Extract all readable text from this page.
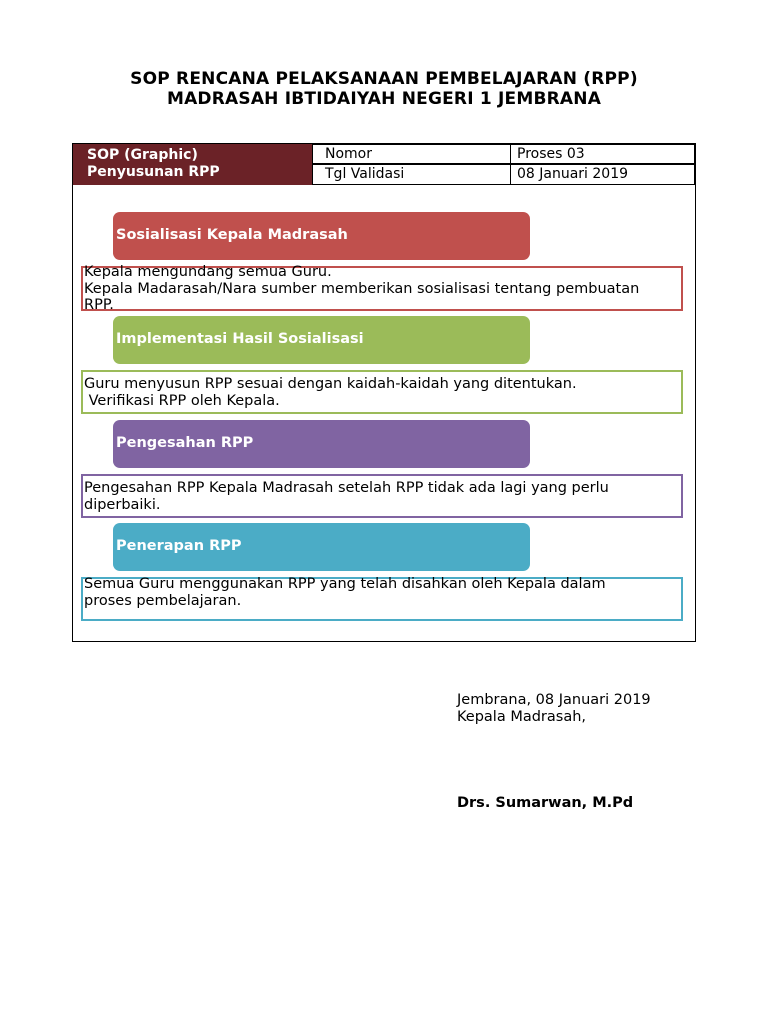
SOP RENCANA PELAKSANAAN PEMBELAJARAN (RPP)
MADRASAH IBTIDAIYAH NEGERI 1 JEMBRANA
SOP (Graphic)
Penyusunan RPP
Nomor	Proses 03
Tgl Validasi	08 Januari 2019
Sosialisasi Kepala Madrasah
Kepala mengundang semua Guru.
Kepala Madarasah/Nara sumber memberikan sosialisasi tentang pembuatan
RPP.
Implementasi Hasil Sosialisasi
Guru menyusun RPP sesuai dengan kaidah-kaidah yang ditentukan.
Verifikasi RPP oleh Kepala.
Pengesahan RPP
Pengesahan RPP Kepala Madrasah setelah RPP tidak ada lagi yang perlu
diperbaiki.
Penerapan RPP
Semua Guru menggunakan RPP yang telah disahkan oleh Kepala dalam
proses pembelajaran.
Jembrana, 08 Januari 2019
Kepala Madrasah,
Drs. Sumarwan, M.Pd
